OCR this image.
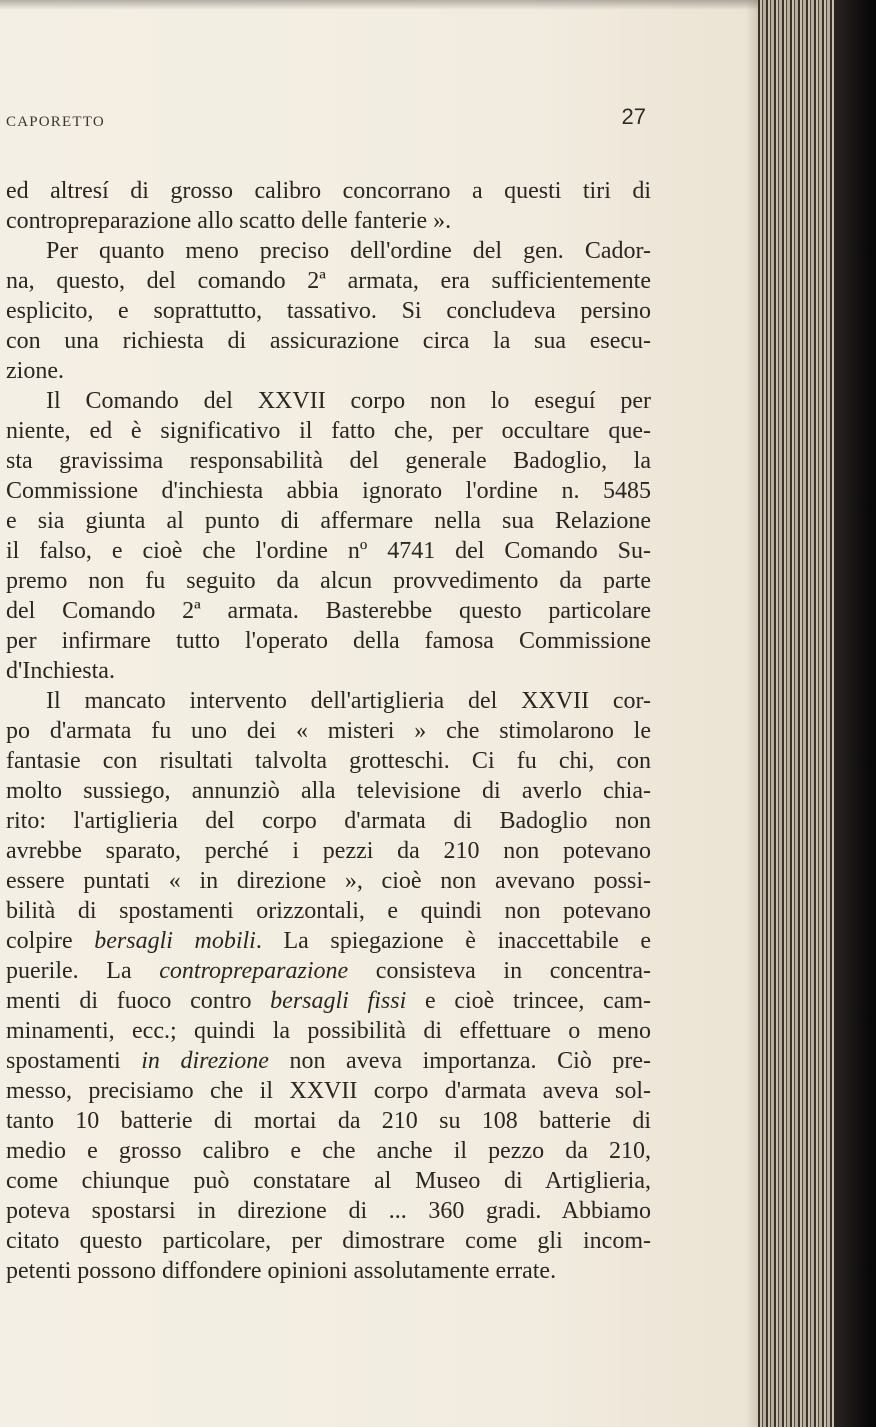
CAPORETTO	27
ed altresí di grosso calibro concorrano a questi tiri di
contropreparazione allo scatto delle fanterie ».
Per quanto meno preciso dell'ordine del gen. Cador-
na, questo, del comando 2ª armata, era sufficientemente
esplicito, e soprattutto, tassativo. Si concludeva persino
con una richiesta di assicurazione circa la sua esecu-
zione.
Il Comando del XXVII corpo non lo eseguí per
niente, ed è significativo il fatto che, per occultare que-
sta gravissima responsabilità del generale Badoglio, la
Commissione d'inchiesta abbia ignorato l'ordine n. 5485
e sia giunta al punto di affermare nella sua Relazione
il falso, e cioè che l'ordine nº 4741 del Comando Su-
premo non fu seguito da alcun provvedimento da parte
del Comando 2ª armata. Basterebbe questo particolare
per infirmare tutto l'operato della famosa Commissione
d'Inchiesta.
Il mancato intervento dell'artiglieria del XXVII cor-
po d'armata fu uno dei « misteri » che stimolarono le
fantasie con risultati talvolta grotteschi. Ci fu chi, con
molto sussiego, annunziò alla televisione di averlo chia-
rito: l'artiglieria del corpo d'armata di Badoglio non
avrebbe sparato, perché i pezzi da 210 non potevano
essere puntati « in direzione », cioè non avevano possi-
bilità di spostamenti orizzontali, e quindi non potevano
colpire bersagli mobili. La spiegazione è inaccettabile e
puerile. La contropreparazione consisteva in concentra-
menti di fuoco contro bersagli fissi e cioè trincee, cam-
minamenti, ecc.; quindi la possibilità di effettuare o meno
spostamenti in direzione non aveva importanza. Ciò pre-
messo, precisiamo che il XXVII corpo d'armata aveva sol-
tanto 10 batterie di mortai da 210 su 108 batterie di
medio e grosso calibro e che anche il pezzo da 210,
come chiunque può constatare al Museo di Artiglieria,
poteva spostarsi in direzione di ... 360 gradi. Abbiamo
citato questo particolare, per dimostrare come gli incom-
petenti possono diffondere opinioni assolutamente errate.
